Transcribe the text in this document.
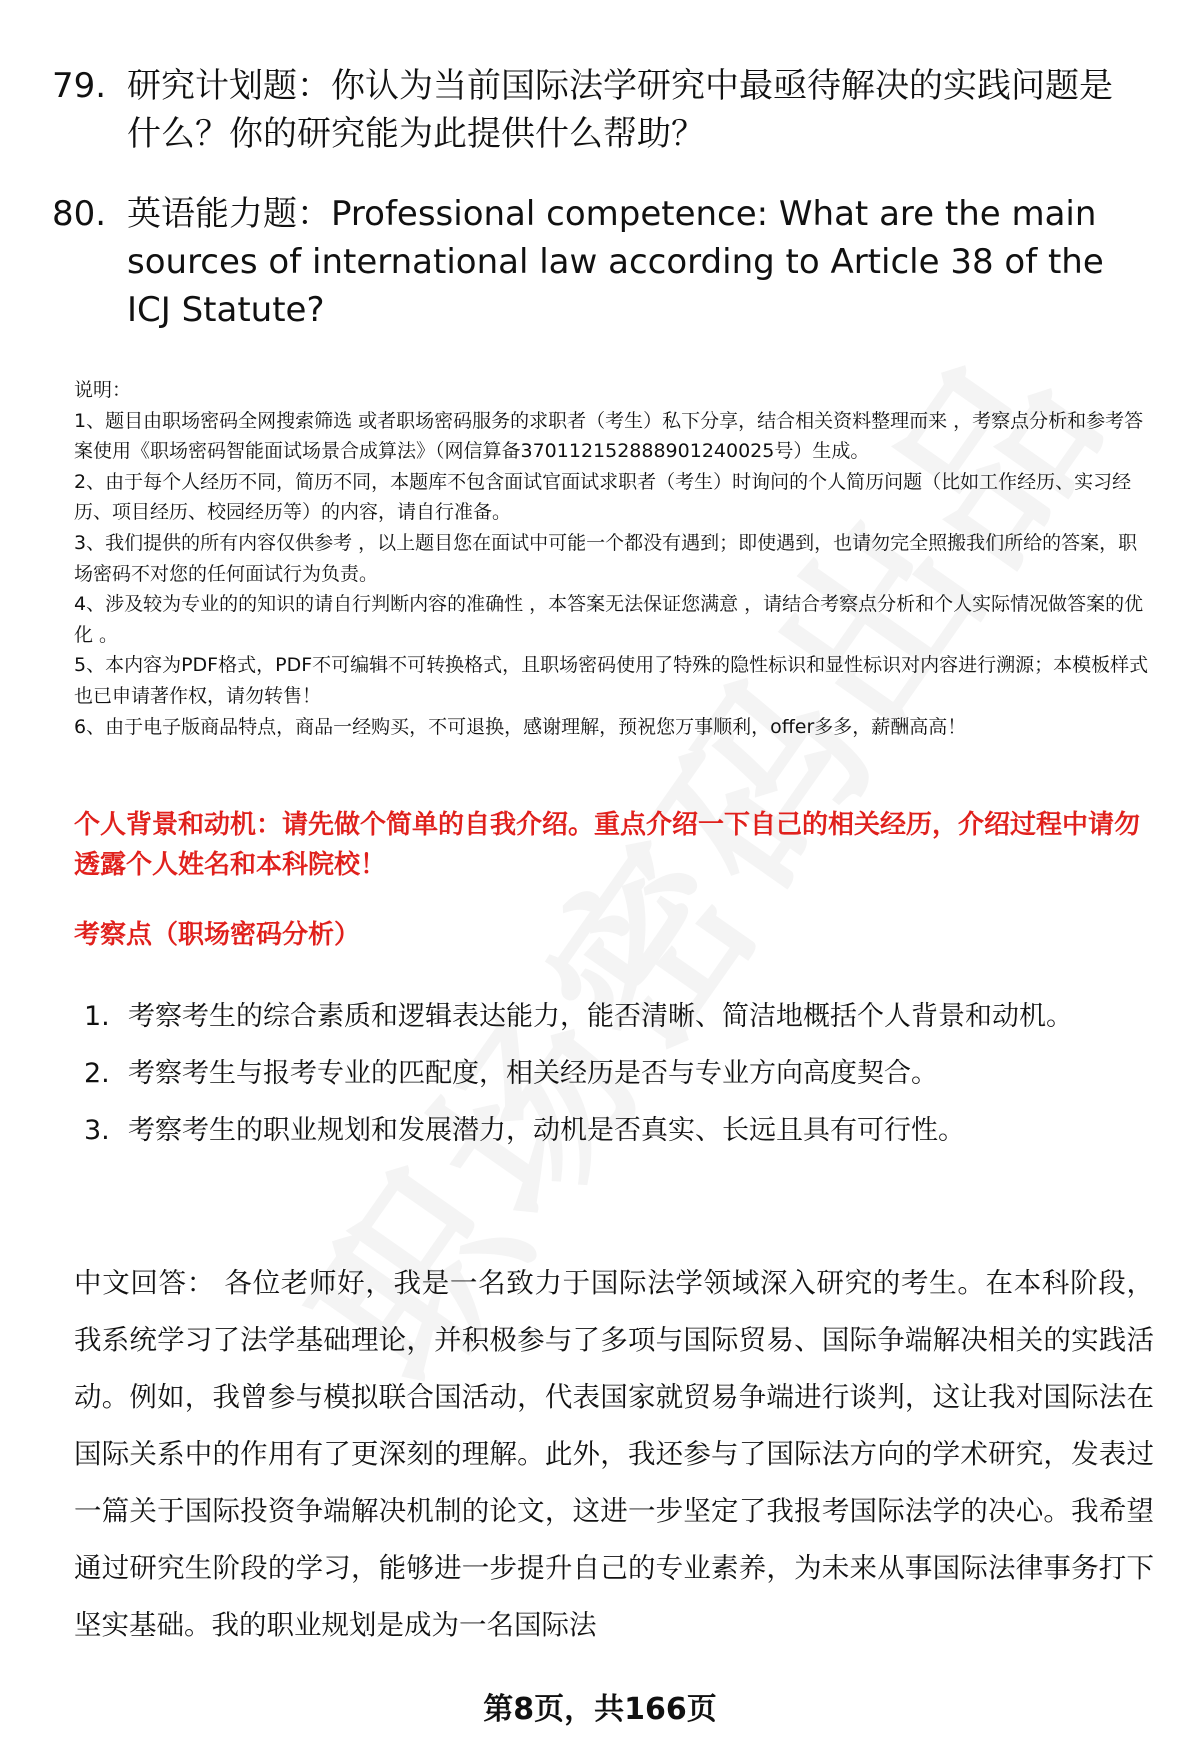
79. 研究计划题：你认为当前国际法学研究中最亟待解决的实践问题是什么？你的研究能为此提供什么帮助？
80. 英语能力题：Professional competence: What are the main sources of international law according to Article 38 of the ICJ Statute?

说明：

1、题目由职场密码全网搜索筛选 或者职场密码服务的求职者（考生）私下分享，结合相关资料整理而来 ，考察点分析和参考答案使用《职场密码智能面试场景合成算法》（网信算备370112152888901240025号）生成。

2、由于每个人经历不同，简历不同，本题库不包含面试官面试求职者（考生）时询问的个人简历问题（比如工作经历、实习经历、项目经历、校园经历等）的内容，请自行准备。

3、我们提供的所有内容仅供参考 ，以上题目您在面试中可能一个都没有遇到；即使遇到，也请勿完全照搬我们所给的答案，职场密码不对您的任何面试行为负责。

4、涉及较为专业的的知识的请自行判断内容的准确性 ，本答案无法保证您满意 ，请结合考察点分析和个人实际情况做答案的优化 。

5、本内容为PDF格式，PDF不可编辑不可转换格式，且职场密码使用了特殊的隐性标识和显性标识对内容进行溯源；本模板样式也已申请著作权，请勿转售！

6、由于电子版商品特点，商品一经购买，不可退换，感谢理解，预祝您万事顺利，offer多多，薪酬高高！

个人背景和动机：请先做个简单的自我介绍。重点介绍一下自己的相关经历，介绍过程中请勿透露个人姓名和本科院校！
考察点（职场密码分析）
1. 考察考生的综合素质和逻辑表达能力，能否清晰、简洁地概括个人背景和动机。
2. 考察考生与报考专业的匹配度，相关经历是否与专业方向高度契合。
3. 考察考生的职业规划和发展潜力，动机是否真实、长远且具有可行性。
中文回答： 各位老师好，我是一名致力于国际法学领域深入研究的考生。在本科阶段，我系统学习了法学基础理论，并积极参与了多项与国际贸易、国际争端解决相关的实践活动。例如，我曾参与模拟联合国活动，代表国家就贸易争端进行谈判，这让我对国际法在国际关系中的作用有了更深刻的理解。此外，我还参与了国际法方向的学术研究，发表过一篇关于国际投资争端解决机制的论文，这进一步坚定了我报考国际法学的决心。我希望通过研究生阶段的学习，能够进一步提升自己的专业素养，为未来从事国际法律事务打下坚实基础。我的职业规划是成为一名国际法
第8页，共166页
